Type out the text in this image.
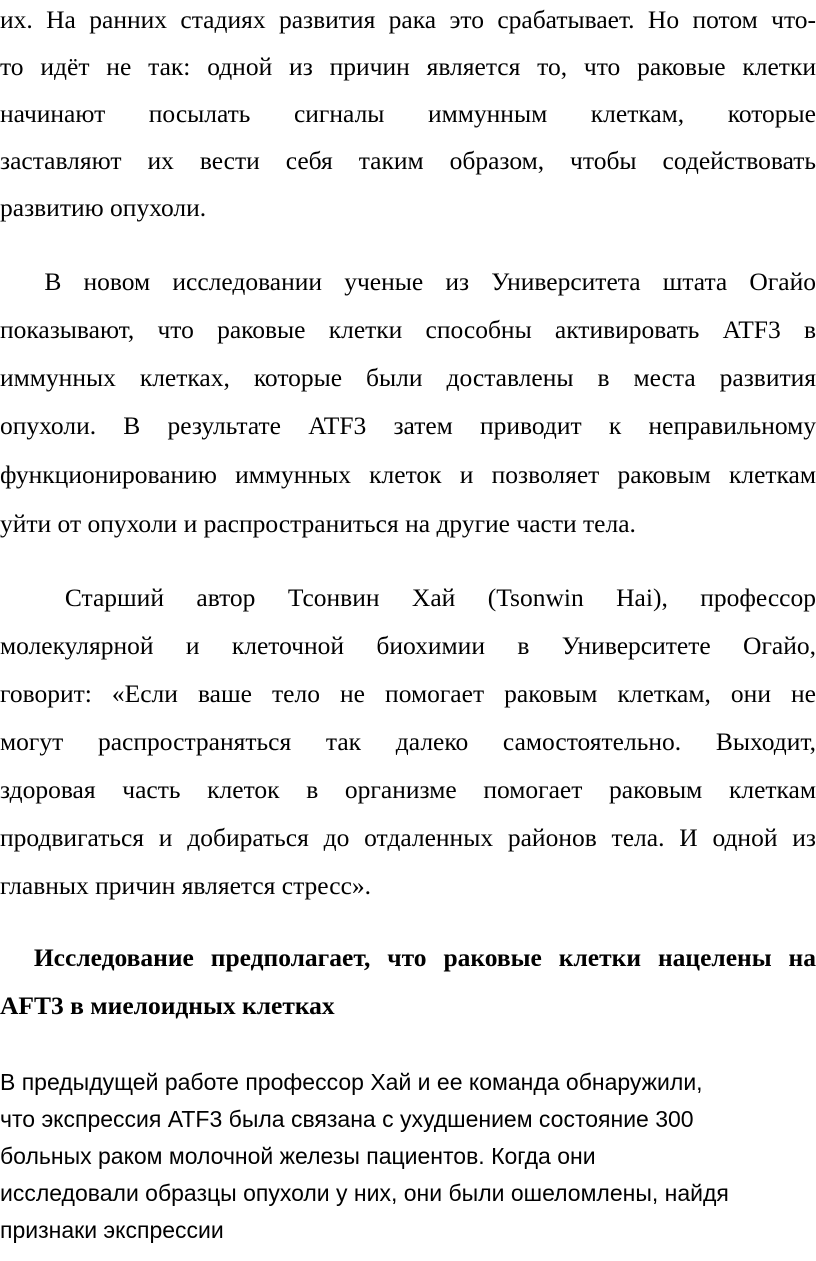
их. На ранних стадиях развития рака это срабатывает. Но потом что-

то идёт не так: одной из причин является то, что раковые клетки

начинают посылать сигналы иммунным клеткам, которые

заставляют их вести себя таким образом, чтобы содействовать

развитию опухоли.

В новом исследовании ученые из Университета штата Огайо

показывают, что раковые клетки способны активировать ATF3 в

иммунных клетках, которые были доставлены в места развития

опухоли. В результате ATF3 затем приводит к неправильному

функционированию иммунных клеток и позволяет раковым клеткам

уйти от опухоли и распространиться на другие части тела.

Старший автор Тсонвин Хай (Tsonwin Hai), профессор

молекулярной и клеточной биохимии в Университете Огайо,

говорит: «Если ваше тело не помогает раковым клеткам, они не

могут распространяться так далеко самостоятельно. Выходит,

здоровая часть клеток в организме помогает раковым клеткам

продвигаться и добираться до отдаленных районов тела. И одной из

главных причин является стресс».

Исследование предполагает, что раковые клетки нацелены на

AFT3 в миелоидных клетках

В предыдущей работе профессор Хай и ее команда обнаружили,

что экспрессия ATF3 была связана с ухудшением состояние 300

больных раком молочной железы пациентов. Когда они

исследовали образцы опухоли у них, они были ошеломлены, найдя

признаки экспрессии
